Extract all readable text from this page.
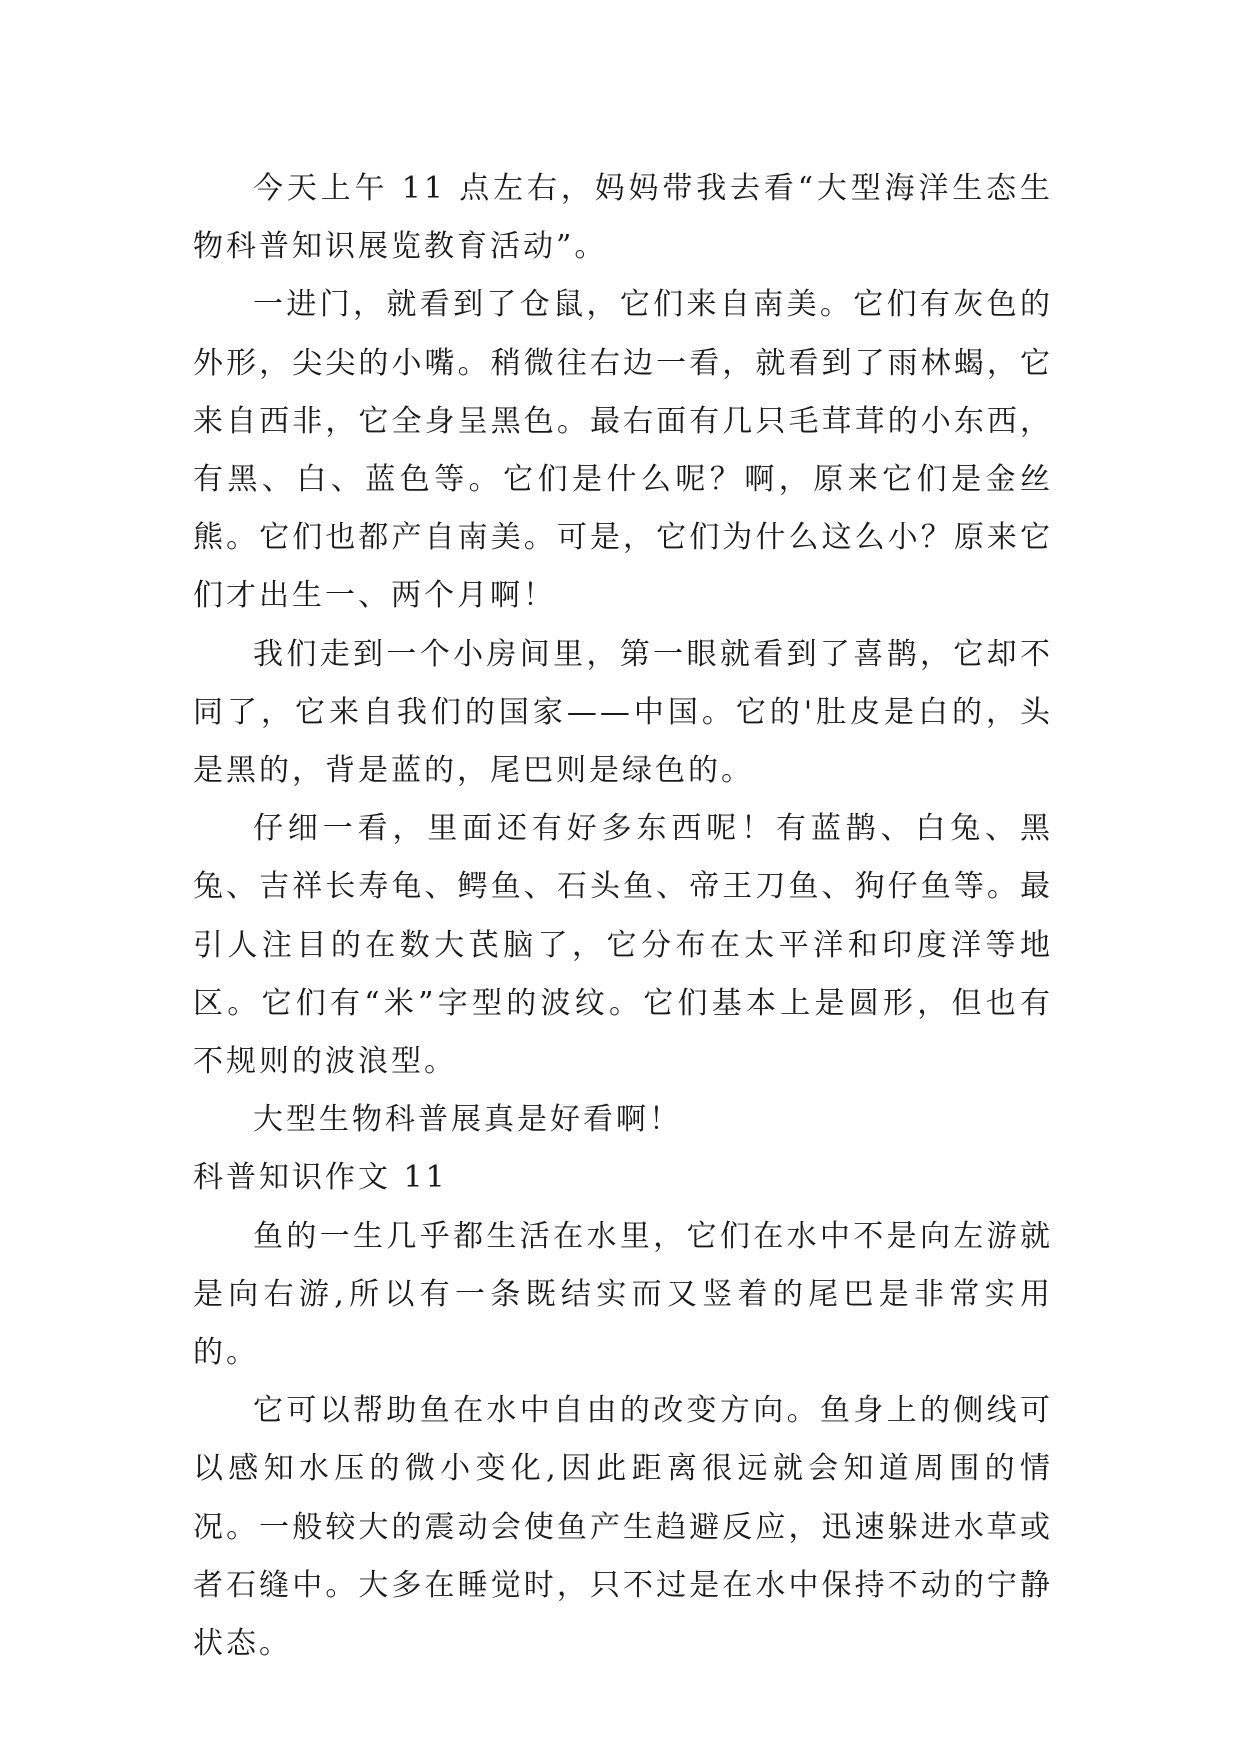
今天上午 11 点左右，妈妈带我去看“大型海洋生态生物科普知识展览教育活动”。

一进门，就看到了仓鼠，它们来自南美。它们有灰色的外形，尖尖的小嘴。稍微往右边一看，就看到了雨林蝎，它来自西非，它全身呈黑色。最右面有几只毛茸茸的小东西，有黑、白、蓝色等。它们是什么呢？啊，原来它们是金丝熊。它们也都产自南美。可是，它们为什么这么小？原来它们才出生一、两个月啊！

我们走到一个小房间里，第一眼就看到了喜鹊，它却不同了，它来自我们的国家——中国。它的'肚皮是白的，头是黑的，背是蓝的，尾巴则是绿色的。

仔细一看，里面还有好多东西呢！有蓝鹊、白兔、黑兔、吉祥长寿龟、鳄鱼、石头鱼、帝王刀鱼、狗仔鱼等。最引人注目的在数大芪脑了，它分布在太平洋和印度洋等地区。它们有“米”字型的波纹。它们基本上是圆形，但也有不规则的波浪型。

大型生物科普展真是好看啊！

科普知识作文 11

鱼的一生几乎都生活在水里，它们在水中不是向左游就是向右游,所以有一条既结实而又竖着的尾巴是非常实用的。

它可以帮助鱼在水中自由的改变方向。鱼身上的侧线可以感知水压的微小变化,因此距离很远就会知道周围的情况。一般较大的震动会使鱼产生趋避反应，迅速躲进水草或者石缝中。大多在睡觉时，只不过是在水中保持不动的宁静状态。
